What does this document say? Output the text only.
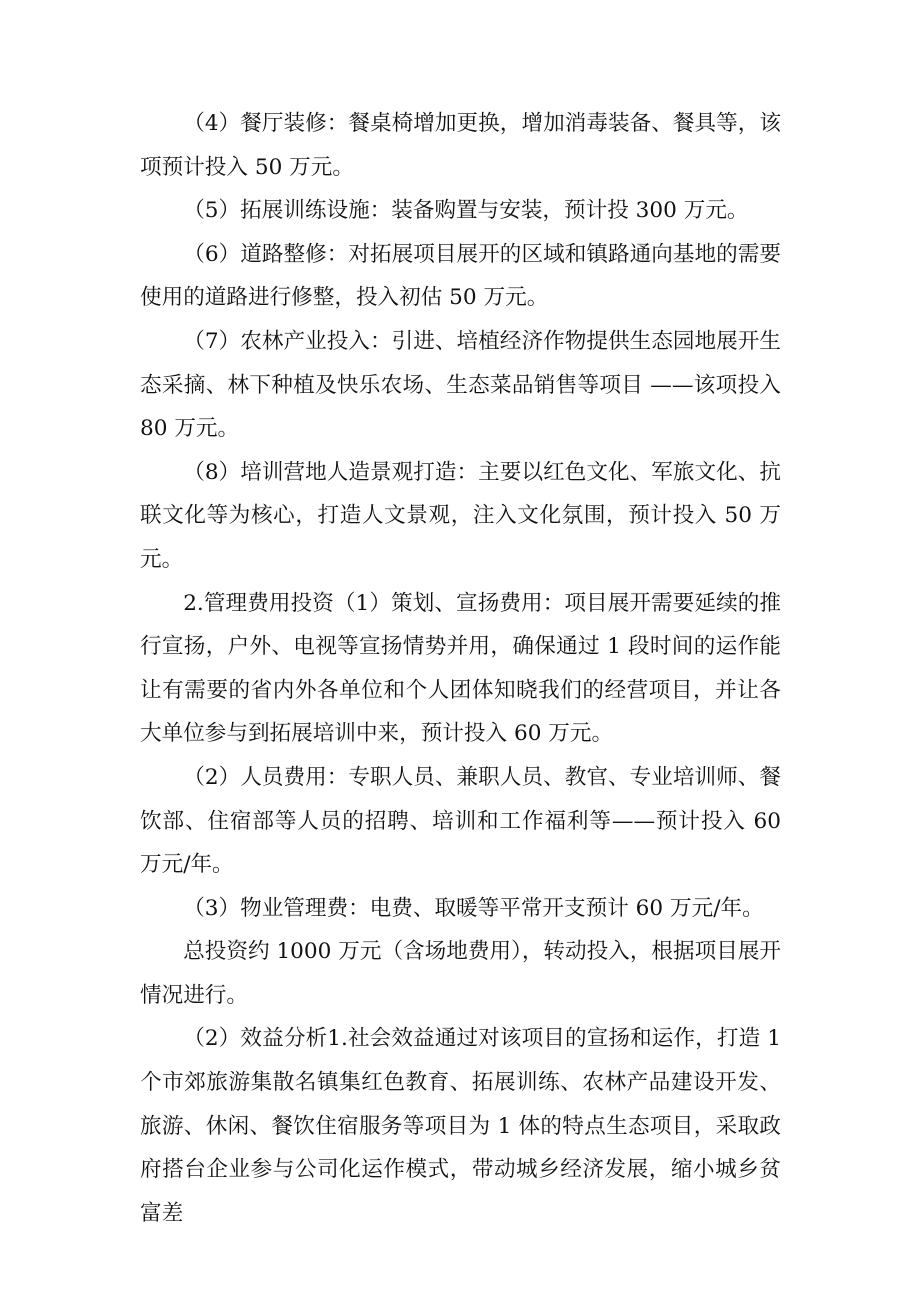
（4）餐厅装修：餐桌椅增加更换，增加消毒装备、餐具等，该项预计投入 50 万元。

（5）拓展训练设施：装备购置与安装，预计投 300 万元。

（6）道路整修：对拓展项目展开的区域和镇路通向基地的需要使用的道路进行修整，投入初估 50 万元。

（7）农林产业投入：引进、培植经济作物提供生态园地展开生态采摘、林下种植及快乐农场、生态菜品销售等项目 ——该项投入 80 万元。

（8）培训营地人造景观打造：主要以红色文化、军旅文化、抗联文化等为核心，打造人文景观，注入文化氛围，预计投入 50 万元。

2.管理费用投资（1）策划、宣扬费用：项目展开需要延续的推行宣扬，户外、电视等宣扬情势并用，确保通过 1 段时间的运作能让有需要的省内外各单位和个人团体知晓我们的经营项目，并让各大单位参与到拓展培训中来，预计投入 60 万元。

（2）人员费用：专职人员、兼职人员、教官、专业培训师、餐饮部、住宿部等人员的招聘、培训和工作福利等——预计投入 60 万元/年。

（3）物业管理费：电费、取暖等平常开支预计 60 万元/年。

总投资约 1000 万元（含场地费用），转动投入，根据项目展开情况进行。

（2）效益分析1.社会效益通过对该项目的宣扬和运作，打造 1 个市郊旅游集散名镇集红色教育、拓展训练、农林产品建设开发、旅游、休闲、餐饮住宿服务等项目为 1 体的特点生态项目，采取政府搭台企业参与公司化运作模式，带动城乡经济发展，缩小城乡贫富差
